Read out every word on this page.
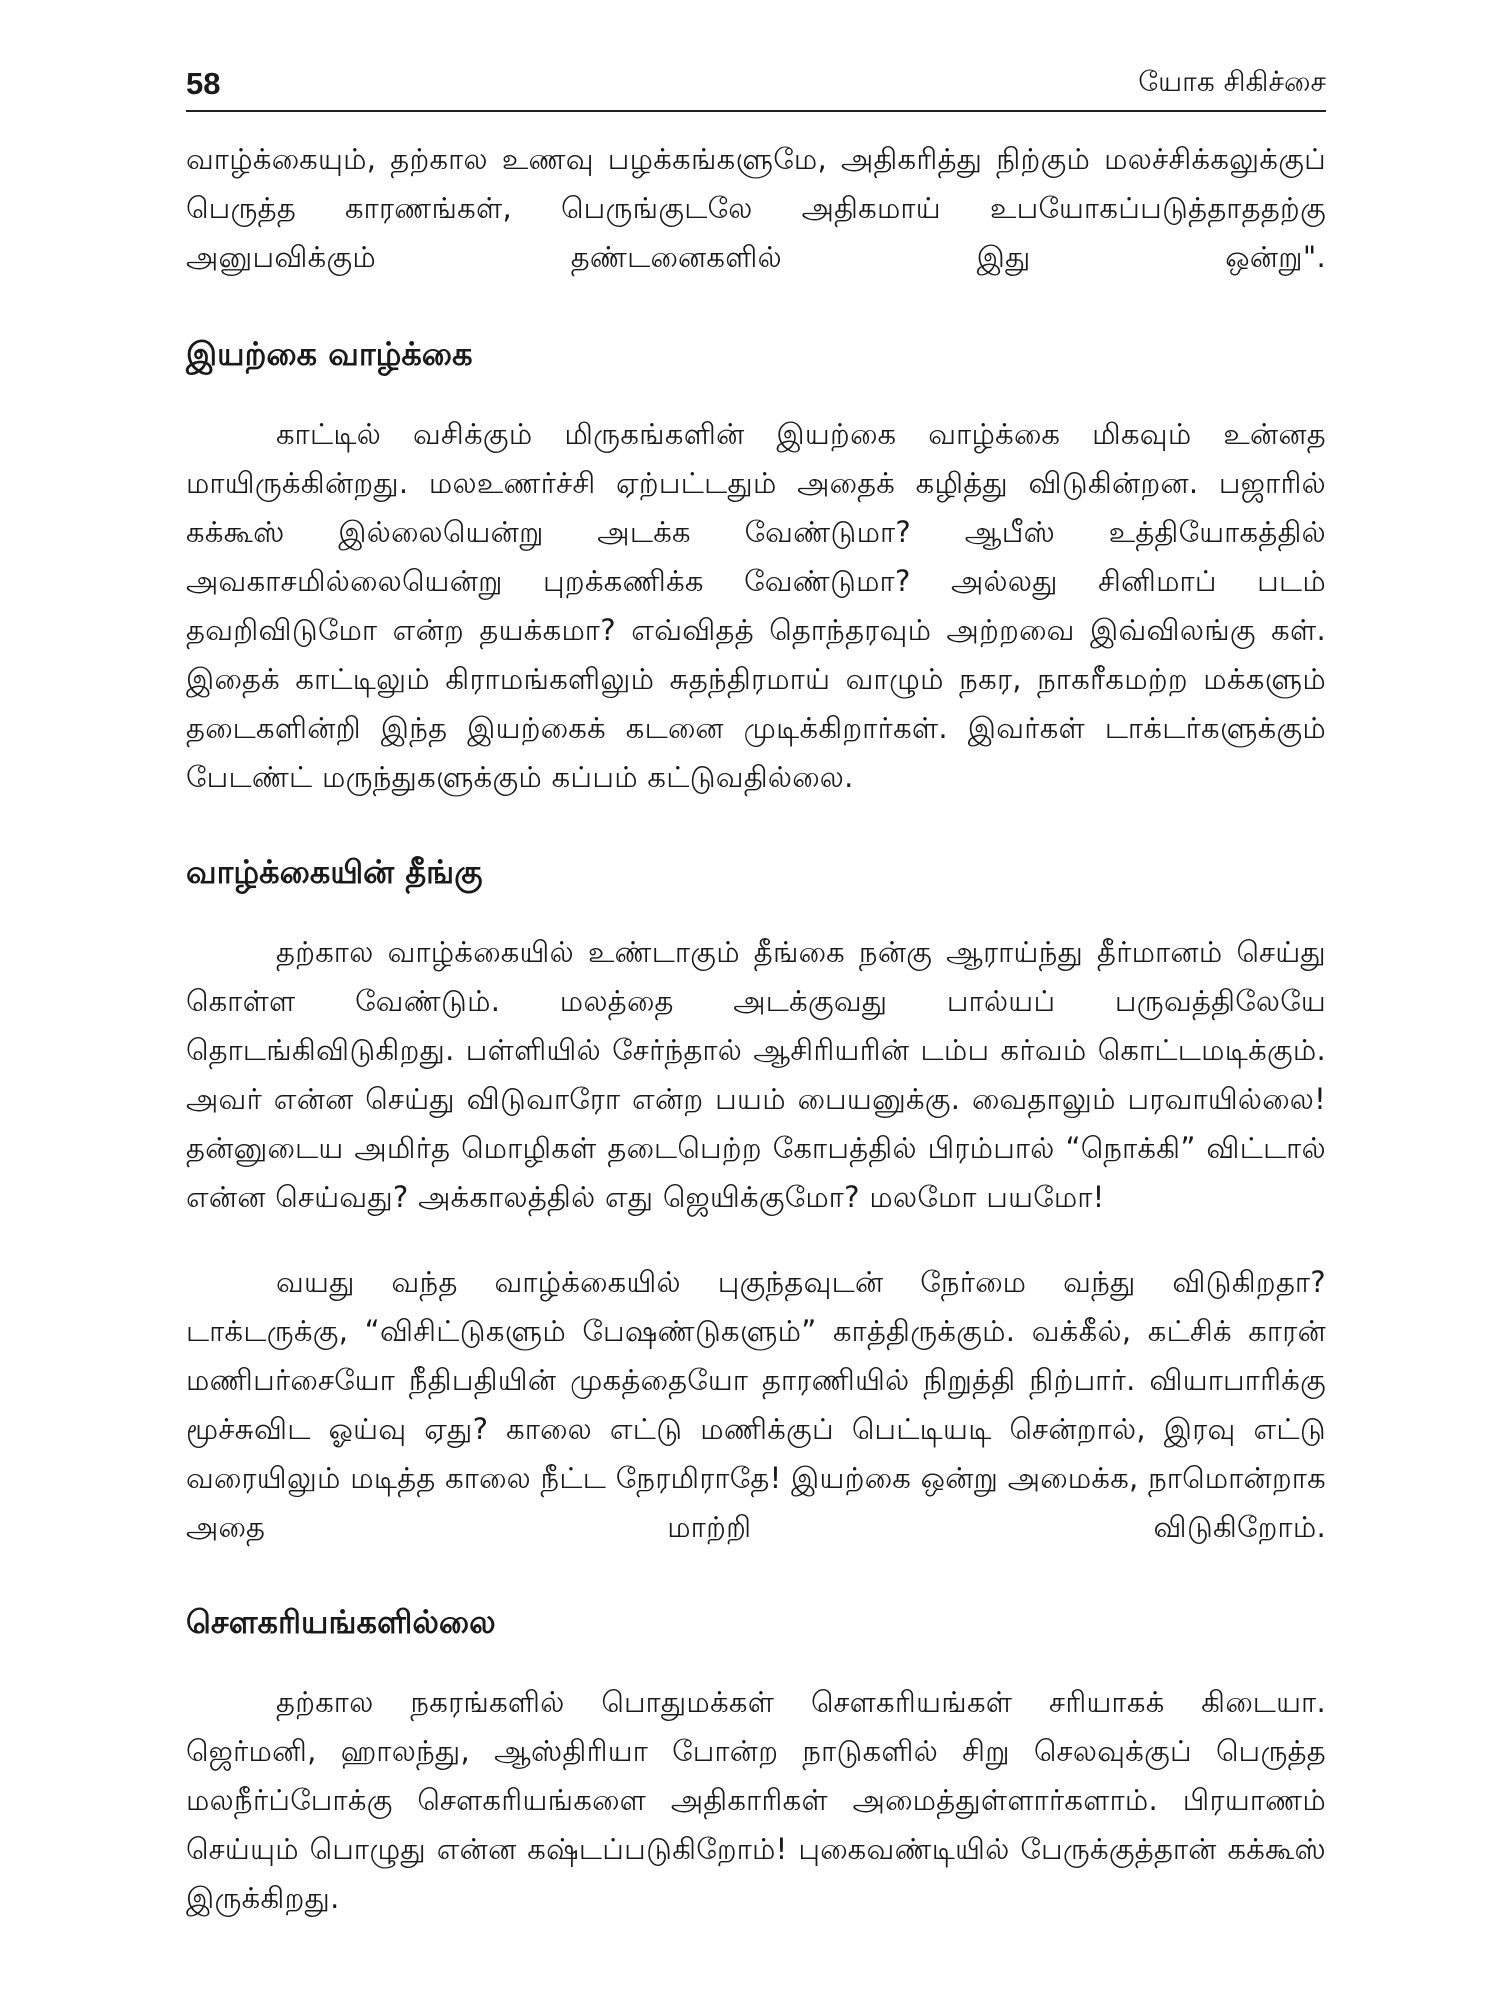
58	யோக சிகிச்சை

வாழ்க்கையும், தற்கால உணவு பழக்கங்களுமே, அதிகரித்து நிற்கும் மலச்சிக்கலுக்குப் பெருத்த காரணங்கள், பெருங்குடலே அதிகமாய் உபயோகப்படுத்தாததற்கு அனுபவிக்கும் தண்டனைகளில் இது ஒன்று".

இயற்கை வாழ்க்கை

காட்டில் வசிக்கும் மிருகங்களின் இயற்கை வாழ்க்கை மிகவும் உன்னத மாயிருக்கின்றது. மலஉணர்ச்சி ஏற்பட்டதும் அதைக் கழித்து விடுகின்றன. பஜாரில் கக்கூஸ் இல்லையென்று அடக்க வேண்டுமா? ஆபீஸ் உத்தியோகத்தில் அவகாசமில்லையென்று புறக்கணிக்க வேண்டுமா? அல்லது சினிமாப் படம் தவறிவிடுமோ என்ற தயக்கமா? எவ்விதத் தொந்தரவும் அற்றவை இவ்விலங்கு கள். இதைக் காட்டிலும் கிராமங்களிலும் சுதந்திரமாய் வாழும் நகர, நாகரீகமற்ற மக்களும் தடைகளின்றி இந்த இயற்கைக் கடனை முடிக்கிறார்கள். இவர்கள் டாக்டர்களுக்கும் பேடண்ட் மருந்துகளுக்கும் கப்பம் கட்டுவதில்லை.

வாழ்க்கையின் தீங்கு

தற்கால வாழ்க்கையில் உண்டாகும் தீங்கை நன்கு ஆராய்ந்து தீர்மானம் செய்து கொள்ள வேண்டும். மலத்தை அடக்குவது பால்யப் பருவத்திலேயே தொடங்கிவிடுகிறது. பள்ளியில் சேர்ந்தால் ஆசிரியரின் டம்ப கர்வம் கொட்டமடிக்கும். அவர் என்ன செய்து விடுவாரோ என்ற பயம் பையனுக்கு. வைதாலும் பரவாயில்லை! தன்னுடைய அமிர்த மொழிகள் தடைபெற்ற கோபத்தில் பிரம்பால் “நொக்கி” விட்டால் என்ன செய்வது? அக்காலத்தில் எது ஜெயிக்குமோ? மலமோ பயமோ!

வயது வந்த வாழ்க்கையில் புகுந்தவுடன் நேர்மை வந்து விடுகிறதா? டாக்டருக்கு, “விசிட்டுகளும் பேஷண்டுகளும்” காத்திருக்கும். வக்கீல், கட்சிக் காரன் மணிபர்சையோ நீதிபதியின் முகத்தையோ தாரணியில் நிறுத்தி நிற்பார். வியாபாரிக்கு மூச்சுவிட ஓய்வு ஏது? காலை எட்டு மணிக்குப் பெட்டியடி சென்றால், இரவு எட்டு வரையிலும் மடித்த காலை நீட்ட நேரமிராதே! இயற்கை ஒன்று அமைக்க, நாமொன்றாக அதை மாற்றி விடுகிறோம்.

சௌகரியங்களில்லை

தற்கால நகரங்களில் பொதுமக்கள் சௌகரியங்கள் சரியாகக் கிடையா. ஜெர்மனி, ஹாலந்து, ஆஸ்திரியா போன்ற நாடுகளில் சிறு செலவுக்குப் பெருத்த மலநீர்ப்போக்கு சௌகரியங்களை அதிகாரிகள் அமைத்துள்ளார்களாம். பிரயாணம் செய்யும் பொழுது என்ன கஷ்டப்படுகிறோம்! புகைவண்டியில் பேருக்குத்தான் கக்கூஸ் இருக்கிறது.
